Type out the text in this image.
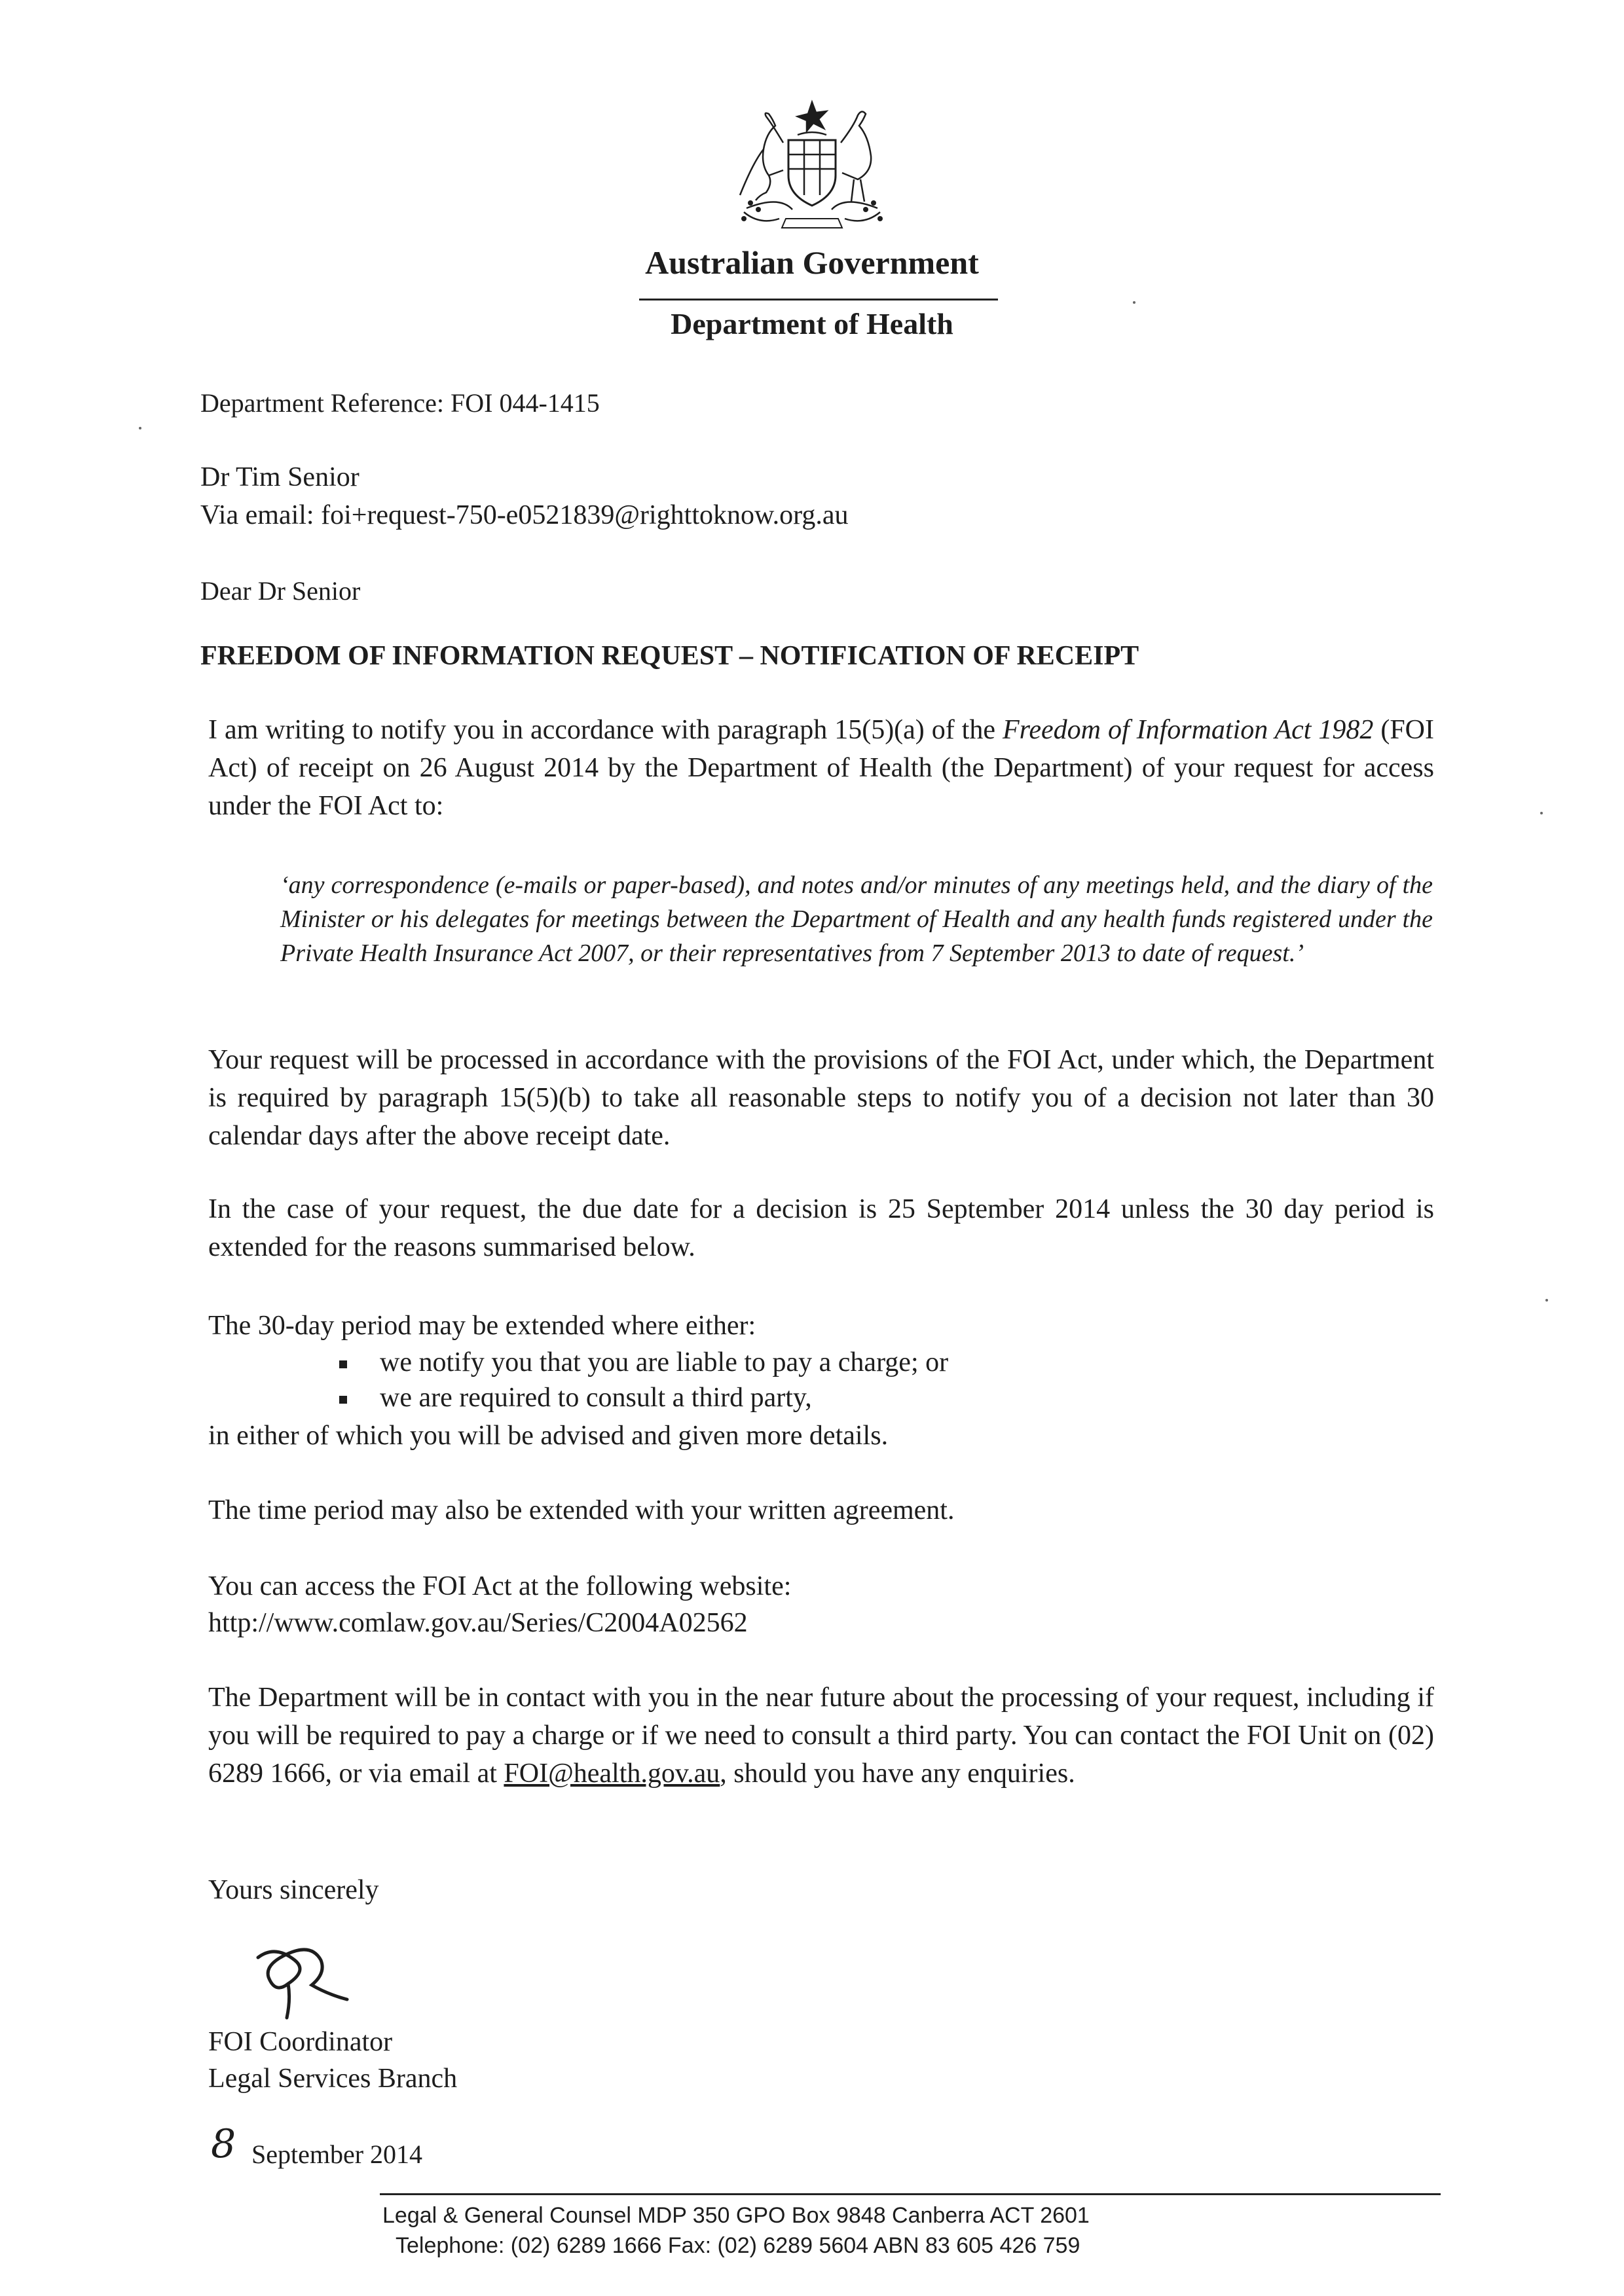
Australian Government
Department of Health
Department Reference: FOI 044-1415
Dr Tim Senior
Via email: foi+request-750-e0521839@righttoknow.org.au
Dear Dr Senior
FREEDOM OF INFORMATION REQUEST – NOTIFICATION OF RECEIPT
I am writing to notify you in accordance with paragraph 15(5)(a) of the Freedom of Information Act 1982 (FOI Act) of receipt on 26 August 2014 by the Department of Health (the Department) of your request for access under the FOI Act to:
‘any correspondence (e-mails or paper-based), and notes and/or minutes of any meetings held, and the diary of the Minister or his delegates for meetings between the Department of Health and any health funds registered under the Private Health Insurance Act 2007, or their representatives from 7 September 2013 to date of request.’
Your request will be processed in accordance with the provisions of the FOI Act, under which, the Department is required by paragraph 15(5)(b) to take all reasonable steps to notify you of a decision not later than 30 calendar days after the above receipt date.
In the case of your request, the due date for a decision is 25 September 2014 unless the 30 day period is extended for the reasons summarised below.
The 30-day period may be extended where either:
we notify you that you are liable to pay a charge; or
we are required to consult a third party,
in either of which you will be advised and given more details.
The time period may also be extended with your written agreement.
You can access the FOI Act at the following website:
http://www.comlaw.gov.au/Series/C2004A02562
The Department will be in contact with you in the near future about the processing of your request, including if you will be required to pay a charge or if we need to consult a third party. You can contact the FOI Unit on (02) 6289 1666, or via email at FOI@health.gov.au, should you have any enquiries.
Yours sincerely
FOI Coordinator
Legal Services Branch
8 September 2014
Legal & General Counsel MDP 350 GPO Box 9848 Canberra ACT 2601
Telephone: (02) 6289 1666 Fax: (02) 6289 5604 ABN 83 605 426 759
